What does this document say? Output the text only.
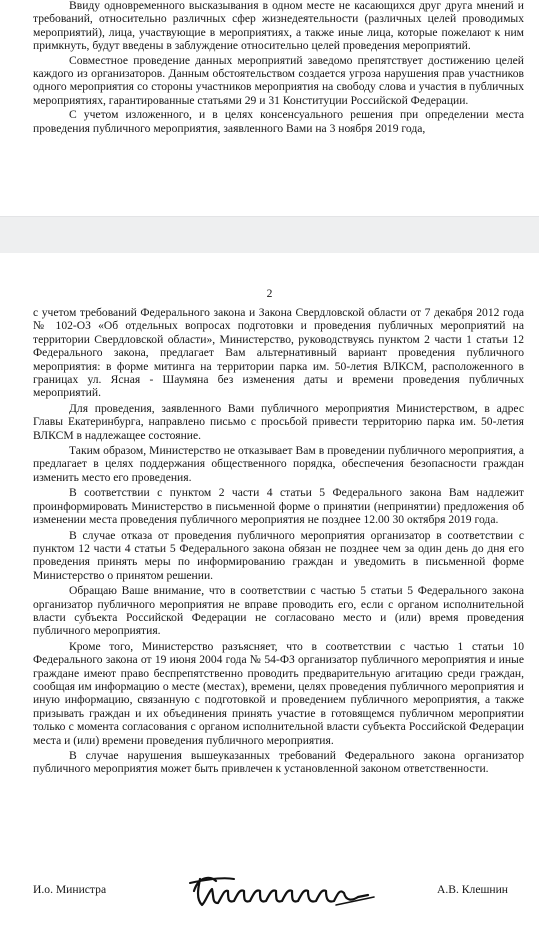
Ввиду одновременного высказывания в одном месте не касающихся друг друга мнений и требований, относительно различных сфер жизнедеятельности (различных целей проводимых мероприятий), лица, участвующие в мероприятиях, а также иные лица, которые пожелают к ним примкнуть, будут введены в заблуждение относительно целей проведения мероприятий.

Совместное проведение данных мероприятий заведомо препятствует достижению целей каждого из организаторов. Данным обстоятельством создается угроза нарушения прав участников одного мероприятия со стороны участников мероприятия на свободу слова и участия в публичных мероприятиях, гарантированные статьями 29 и 31 Конституции Российской Федерации.

С учетом изложенного, и в целях консенсуального решения при определении места проведения публичного мероприятия, заявленного Вами на 3 ноября 2019 года,

2

с учетом требований Федерального закона и Закона Свердловской области от 7 декабря 2012 года № 102-ОЗ «Об отдельных вопросах подготовки и проведения публичных мероприятий на территории Свердловской области», Министерство, руководствуясь пунктом 2 части 1 статьи 12 Федерального закона, предлагает Вам альтернативный вариант проведения публичного мероприятия: в форме митинга на территории парка им. 50-летия ВЛКСМ, расположенного в границах ул. Ясная - Шаумяна без изменения даты и времени проведения публичных мероприятий.

Для проведения, заявленного Вами публичного мероприятия Министерством, в адрес Главы Екатеринбурга, направлено письмо с просьбой привести территорию парка им. 50-летия ВЛКСМ в надлежащее состояние.

Таким образом, Министерство не отказывает Вам в проведении публичного мероприятия, а предлагает в целях поддержания общественного порядка, обеспечения безопасности граждан изменить место его проведения.

В соответствии с пунктом 2 части 4 статьи 5 Федерального закона Вам надлежит проинформировать Министерство в письменной форме о принятии (непринятии) предложения об изменении места проведения публичного мероприятия не позднее 12.00 30 октября 2019 года.

В случае отказа от проведения публичного мероприятия организатор в соответствии с пунктом 12 части 4 статьи 5 Федерального закона обязан не позднее чем за один день до дня его проведения принять меры по информированию граждан и уведомить в письменной форме Министерство о принятом решении.

Обращаю Ваше внимание, что в соответствии с частью 5 статьи 5 Федерального закона организатор публичного мероприятия не вправе проводить его, если с органом исполнительной власти субъекта Российской Федерации не согласовано место и (или) время проведения публичного мероприятия.

Кроме того, Министерство разъясняет, что в соответствии с частью 1 статьи 10 Федерального закона от 19 июня 2004 года № 54-ФЗ организатор публичного мероприятия и иные граждане имеют право беспрепятственно проводить предварительную агитацию среди граждан, сообщая им информацию о месте (местах), времени, целях проведения публичного мероприятия и иную информацию, связанную с подготовкой и проведением публичного мероприятия, а также призывать граждан и их объединения принять участие в готовящемся публичном мероприятии только с момента согласования с органом исполнительной власти субъекта Российской Федерации места и (или) времени проведения публичного мероприятия.

В случае нарушения вышеуказанных требований Федерального закона организатор публичного мероприятия может быть привлечен к установленной законом ответственности.

И.о. Министра	А.В. Клешнин
